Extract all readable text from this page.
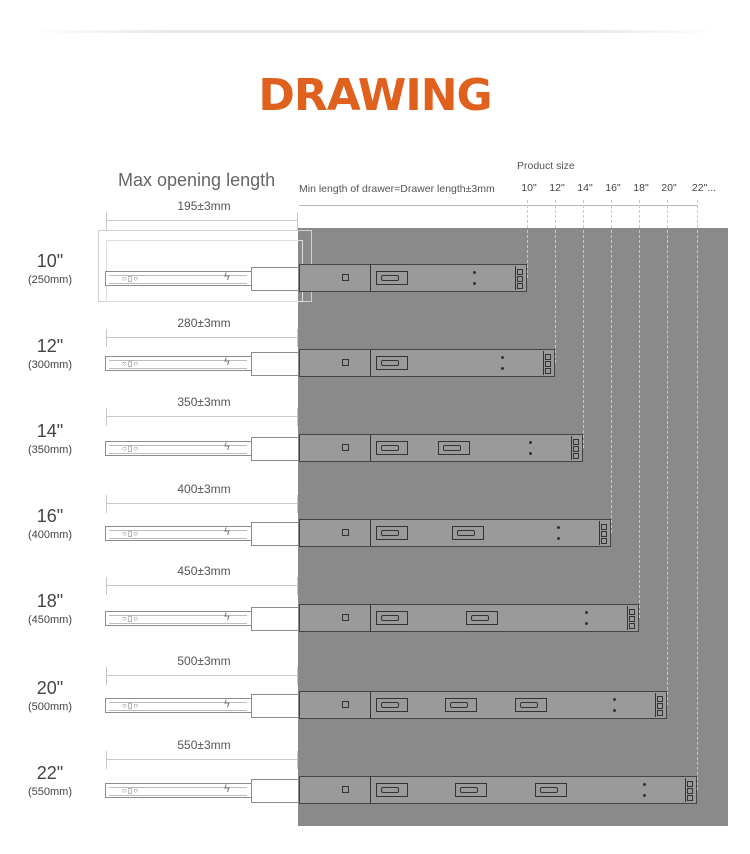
DRAWING
Max opening length Min length of drawer=Drawer length±3mm
Product size
10" 12" 14" 16" 18" 20" 22"...
10"
(250mm)
195±3mm
○▯○	ϟ
12"
(300mm)
280±3mm
○▯○	ϟ
14"
(350mm)
350±3mm
○▯○	ϟ
16"
(400mm)
400±3mm
○▯○	ϟ
18"
(450mm)
450±3mm
○▯○	ϟ
20"
(500mm)
500±3mm
○▯○	ϟ
22"
(550mm)
550±3mm
○▯○	ϟ
